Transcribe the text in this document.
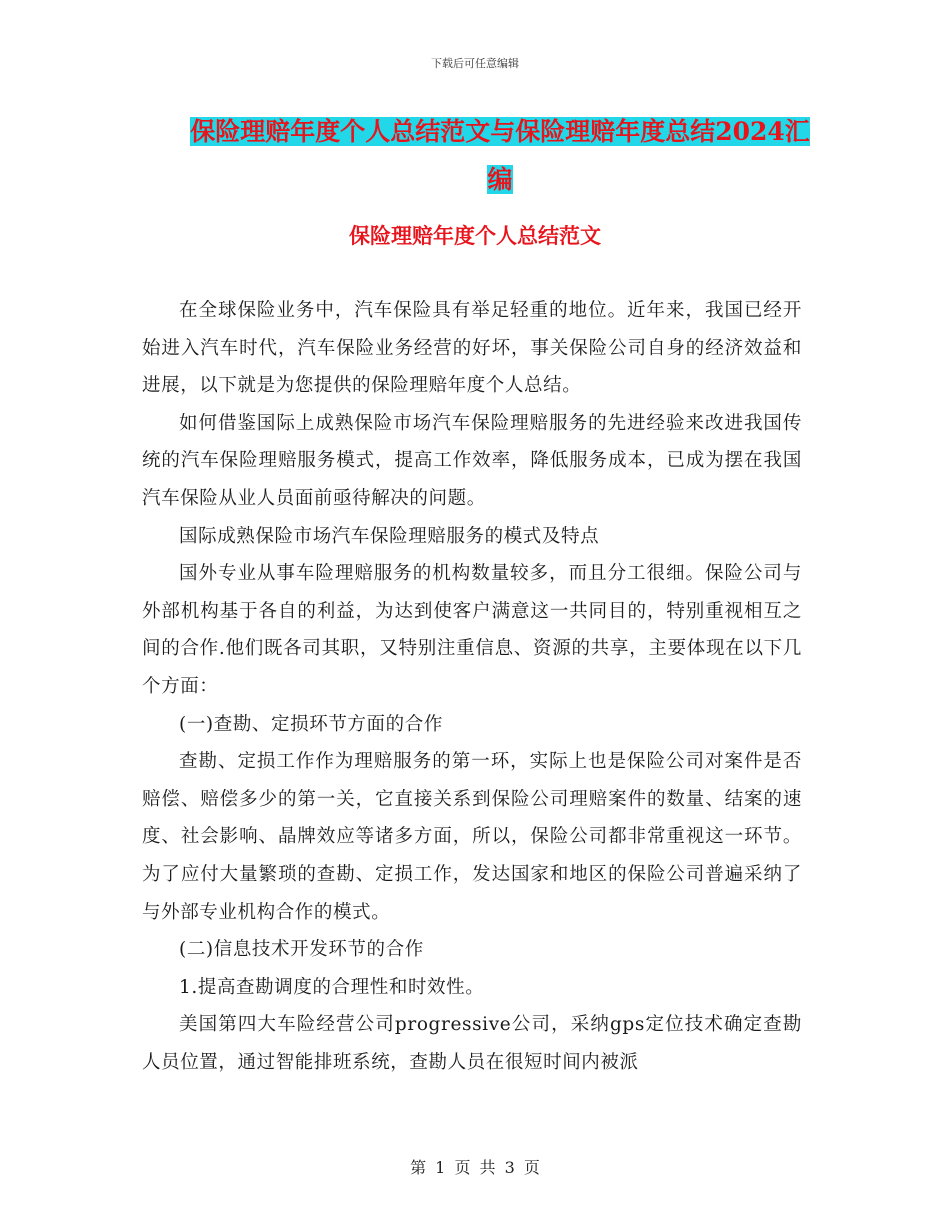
下载后可任意编辑
保险理赔年度个人总结范文与保险理赔年度总结2024汇编
保险理赔年度个人总结范文

在全球保险业务中，汽车保险具有举足轻重的地位。近年来，我国已经开始进入汽车时代，汽车保险业务经营的好坏，事关保险公司自身的经济效益和进展，以下就是为您提供的保险理赔年度个人总结。

如何借鉴国际上成熟保险市场汽车保险理赔服务的先进经验来改进我国传统的汽车保险理赔服务模式，提高工作效率，降低服务成本，已成为摆在我国汽车保险从业人员面前亟待解决的问题。

国际成熟保险市场汽车保险理赔服务的模式及特点

国外专业从事车险理赔服务的机构数量较多，而且分工很细。保险公司与外部机构基于各自的利益，为达到使客户满意这一共同目的，特别重视相互之间的合作.他们既各司其职，又特别注重信息、资源的共享，主要体现在以下几个方面：

(一)查勘、定损环节方面的合作

查勘、定损工作作为理赔服务的第一环，实际上也是保险公司对案件是否赔偿、赔偿多少的第一关，它直接关系到保险公司理赔案件的数量、结案的速度、社会影响、晶牌效应等诸多方面，所以，保险公司都非常重视这一环节。为了应付大量繁琐的查勘、定损工作，发达国家和地区的保险公司普遍采纳了与外部专业机构合作的模式。

(二)信息技术开发环节的合作

1.提高查勘调度的合理性和时效性。

美国第四大车险经营公司progressive公司，采纳gps定位技术确定查勘人员位置，通过智能排班系统，查勘人员在很短时间内被派

第 1 页 共 3 页
